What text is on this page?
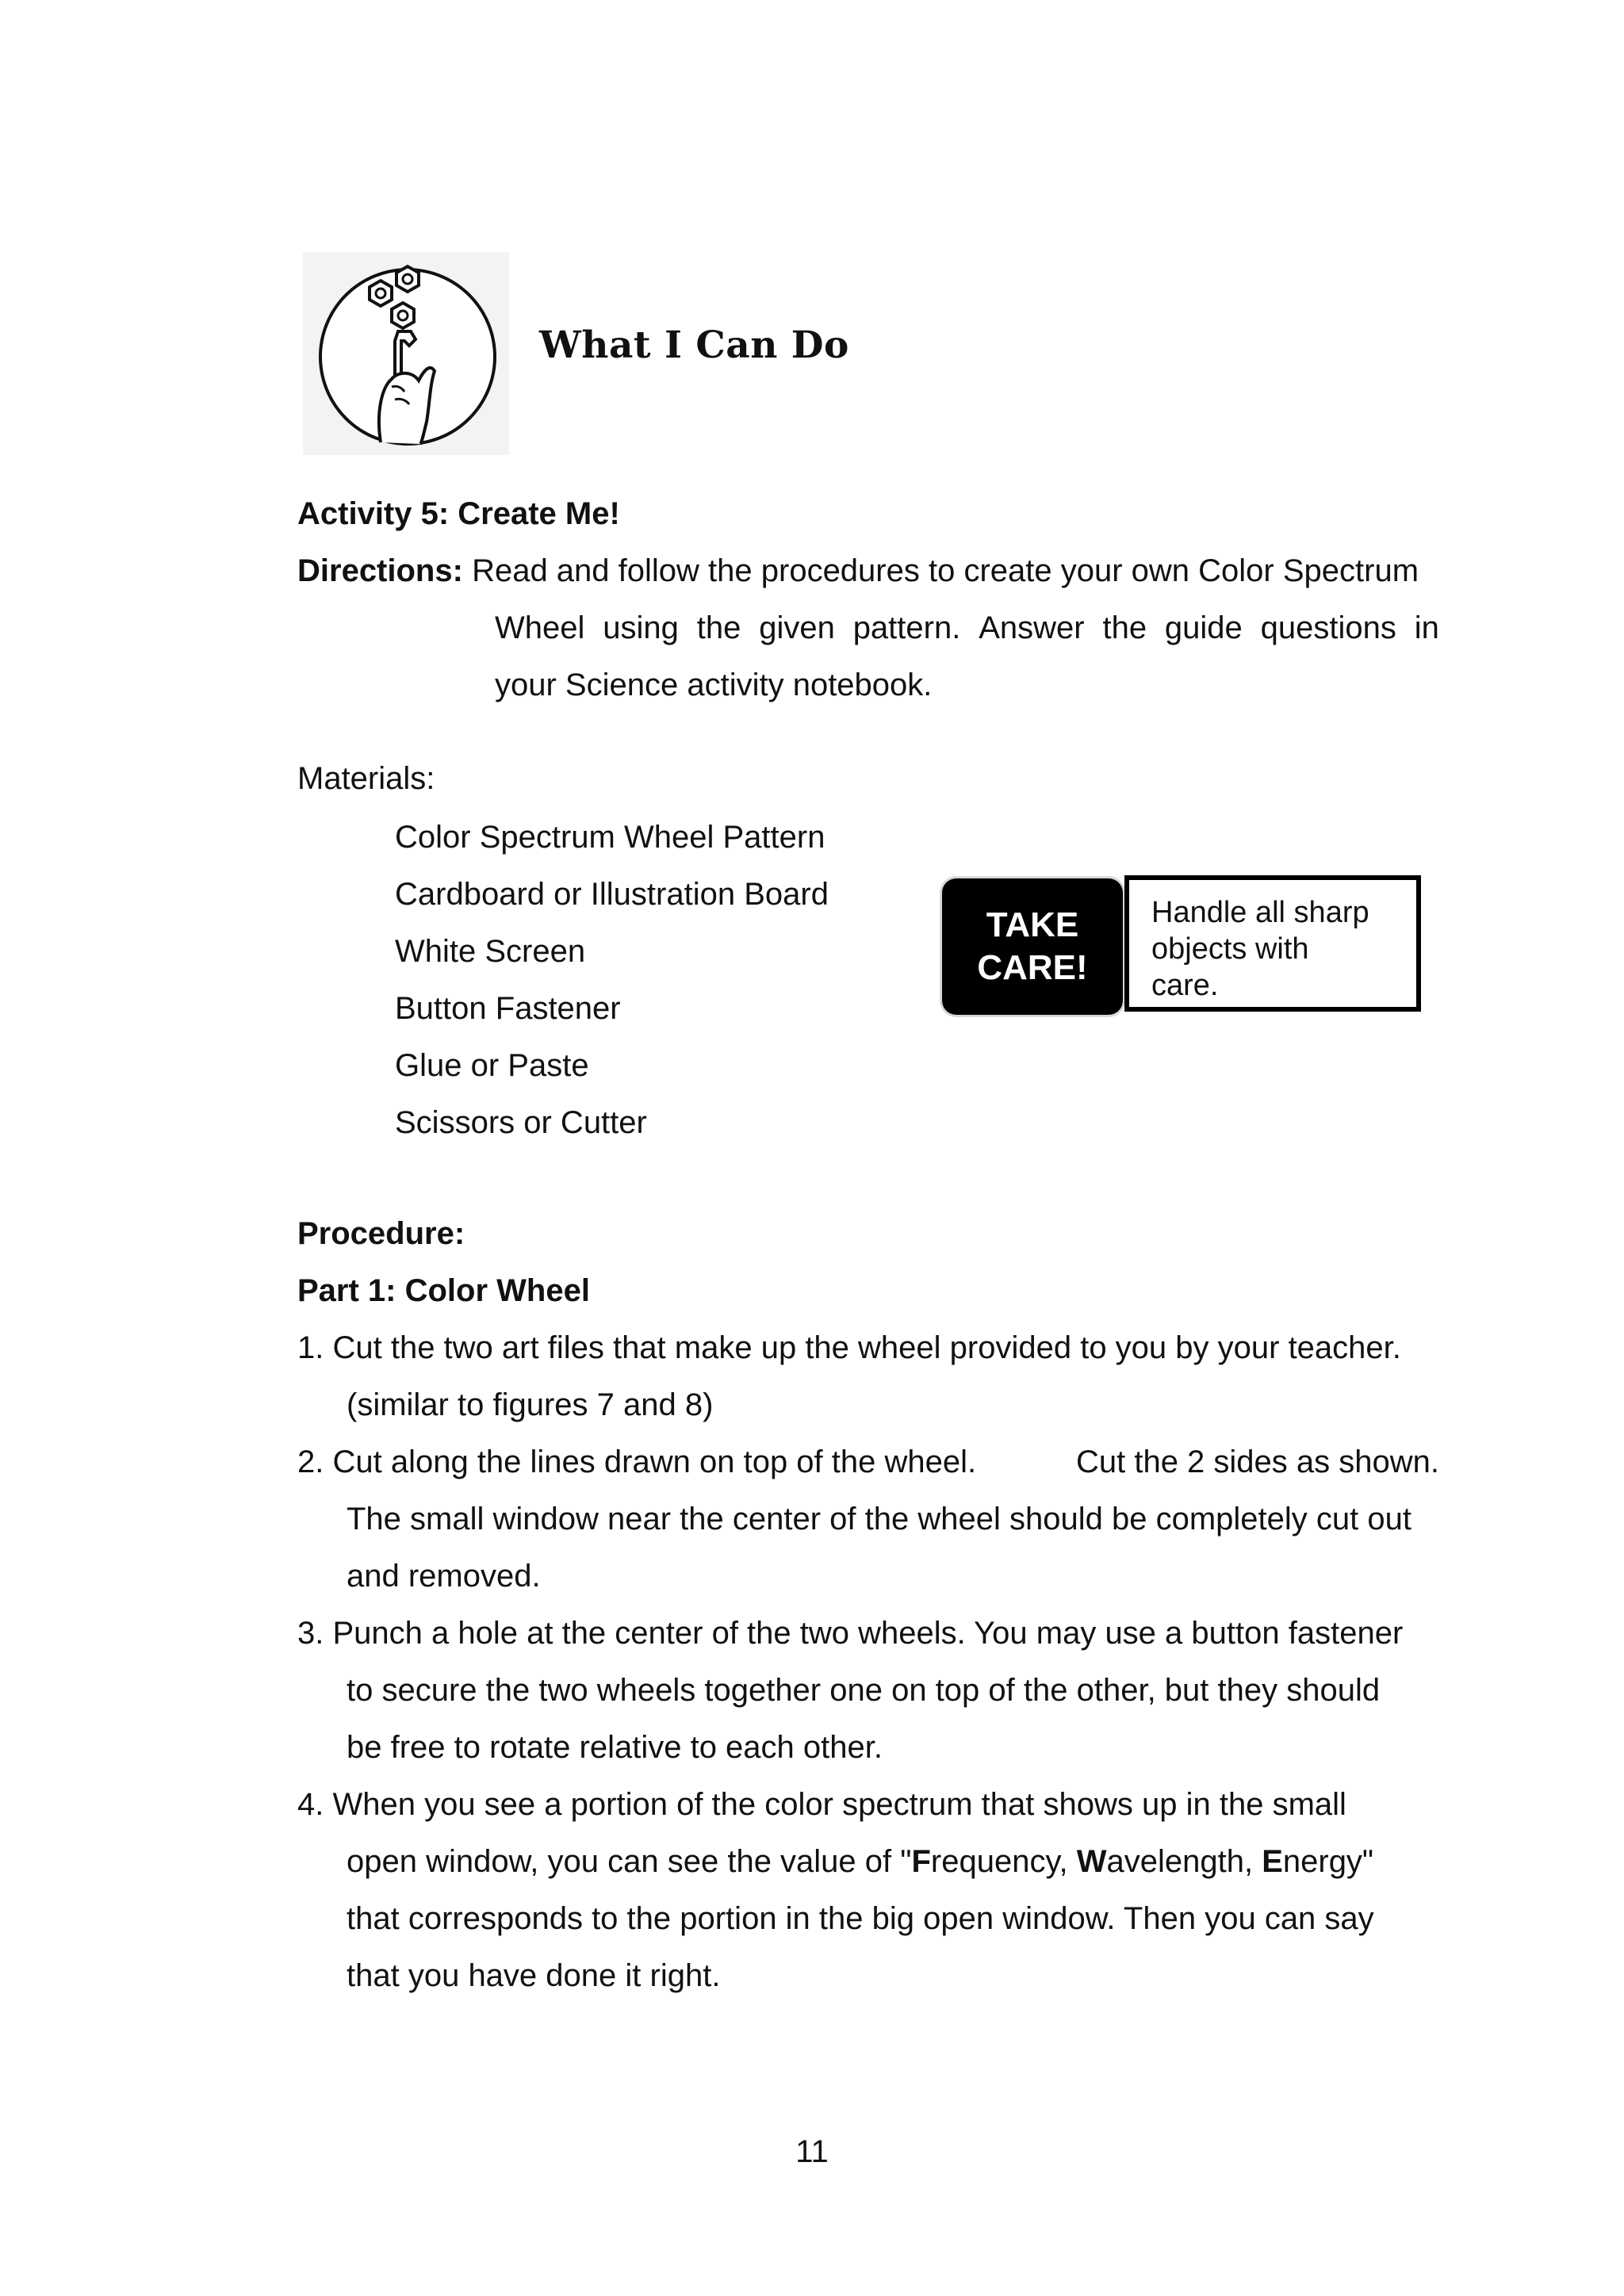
What I Can Do
Activity 5: Create Me!
Directions: Read and follow the procedures to create your own Color Spectrum
Wheel using the given pattern. Answer the guide questions in
your Science activity notebook.
Materials:
Color Spectrum Wheel Pattern
Cardboard or Illustration Board
White Screen
Button Fastener
Glue or Paste
Scissors or Cutter
TAKE
CARE!
Handle all sharp
objects with
care.
Procedure:
Part 1: Color Wheel
1. Cut the two art files that make up the wheel provided to you by your teacher.
(similar to figures 7 and 8)
2. Cut along the lines drawn on top of the wheel.	Cut the 2 sides as shown.
The small window near the center of the wheel should be completely cut out
and removed.
3. Punch a hole at the center of the two wheels. You may use a button fastener
to secure the two wheels together one on top of the other, but they should
be free to rotate relative to each other.
4. When you see a portion of the color spectrum that shows up in the small
open window, you can see the value of "Frequency, Wavelength, Energy"
that corresponds to the portion in the big open window. Then you can say
that you have done it right.
11
